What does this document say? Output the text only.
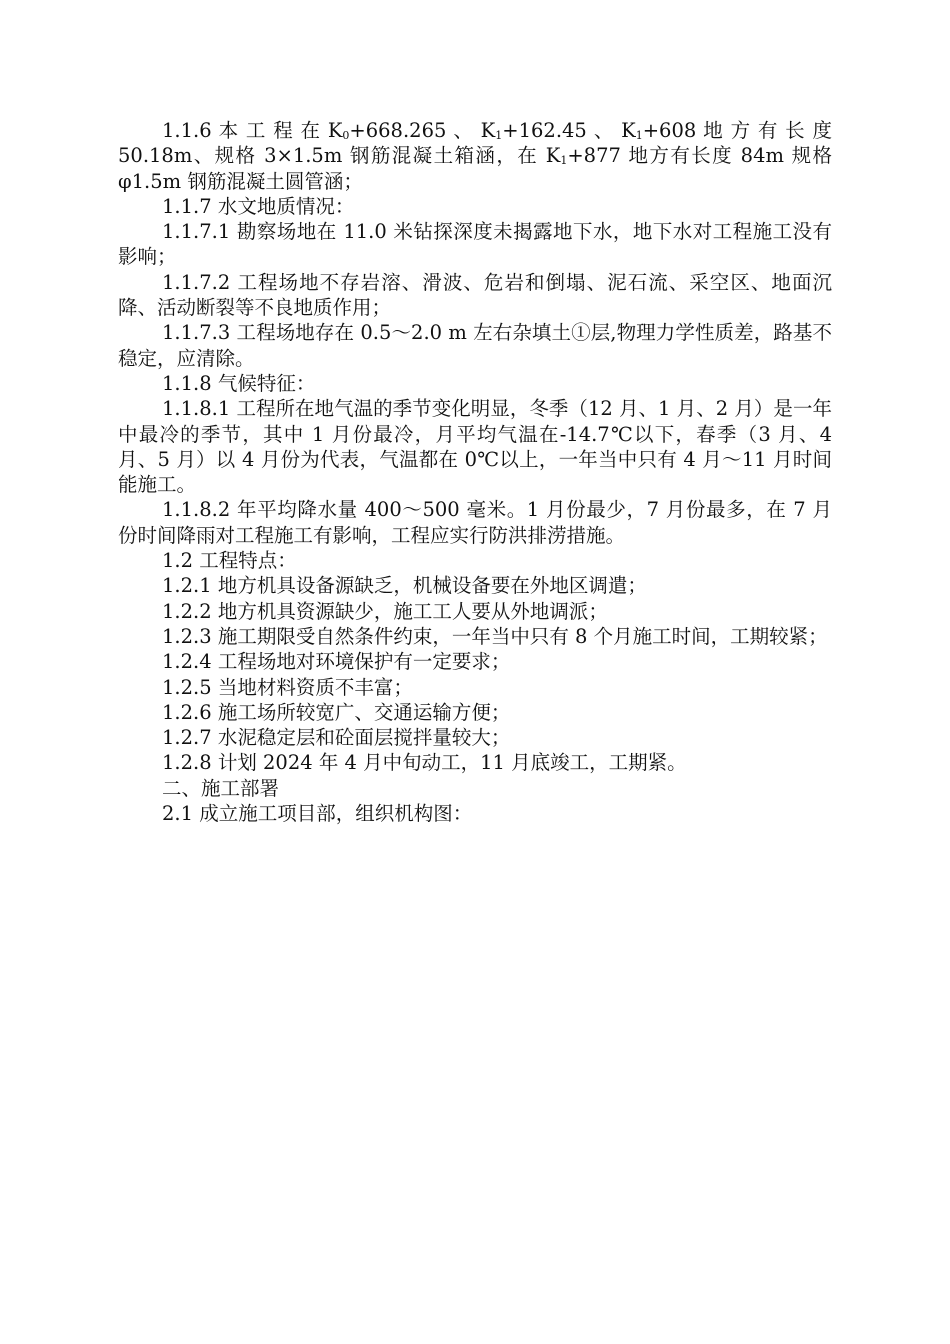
1.1.6 本 工 程 在 $K_0+668.265$ 、 $K_1+162.45$ 、 $K_1+608$ 地 方 有 长 度 50.18m、规格 3×1.5m 钢筋混凝土箱涵，在 $K_1+877$ 地方有长度 84m 规格φ1.5m 钢筋混凝土圆管涵；

1.1.7 水文地质情况：

1.1.7.1 勘察场地在 11.0 米钻探深度未揭露地下水，地下水对工程施工没有影响；

1.1.7.2 工程场地不存岩溶、滑波、危岩和倒塌、泥石流、采空区、地面沉降、活动断裂等不良地质作用；

1.1.7.3 工程场地存在 0.5～2.0 m 左右杂填土①层,物理力学性质差，路基不稳定，应清除。

1.1.8 气候特征：

1.1.8.1 工程所在地气温的季节变化明显，冬季（12 月、1 月、2 月）是一年中最冷的季节，其中 1 月份最冷，月平均气温在-14.7℃以下，春季（3 月、4 月、5 月）以 4 月份为代表，气温都在 0℃以上，一年当中只有 4 月～11 月时间能施工。

1.1.8.2 年平均降水量 400～500 毫米。1 月份最少，7 月份最多，在 7 月份时间降雨对工程施工有影响，工程应实行防洪排涝措施。

1.2 工程特点：

1.2.1 地方机具设备源缺乏，机械设备要在外地区调遣；

1.2.2 地方机具资源缺少，施工工人要从外地调派；

1.2.3 施工期限受自然条件约束，一年当中只有 8 个月施工时间，工期较紧；

1.2.4 工程场地对环境保护有一定要求；

1.2.5 当地材料资质不丰富；

1.2.6 施工场所较宽广、交通运输方便；

1.2.7 水泥稳定层和砼面层搅拌量较大；

1.2.8 计划 2024 年 4 月中旬动工，11 月底竣工，工期紧。

二、施工部署

2.1 成立施工项目部，组织机构图：
